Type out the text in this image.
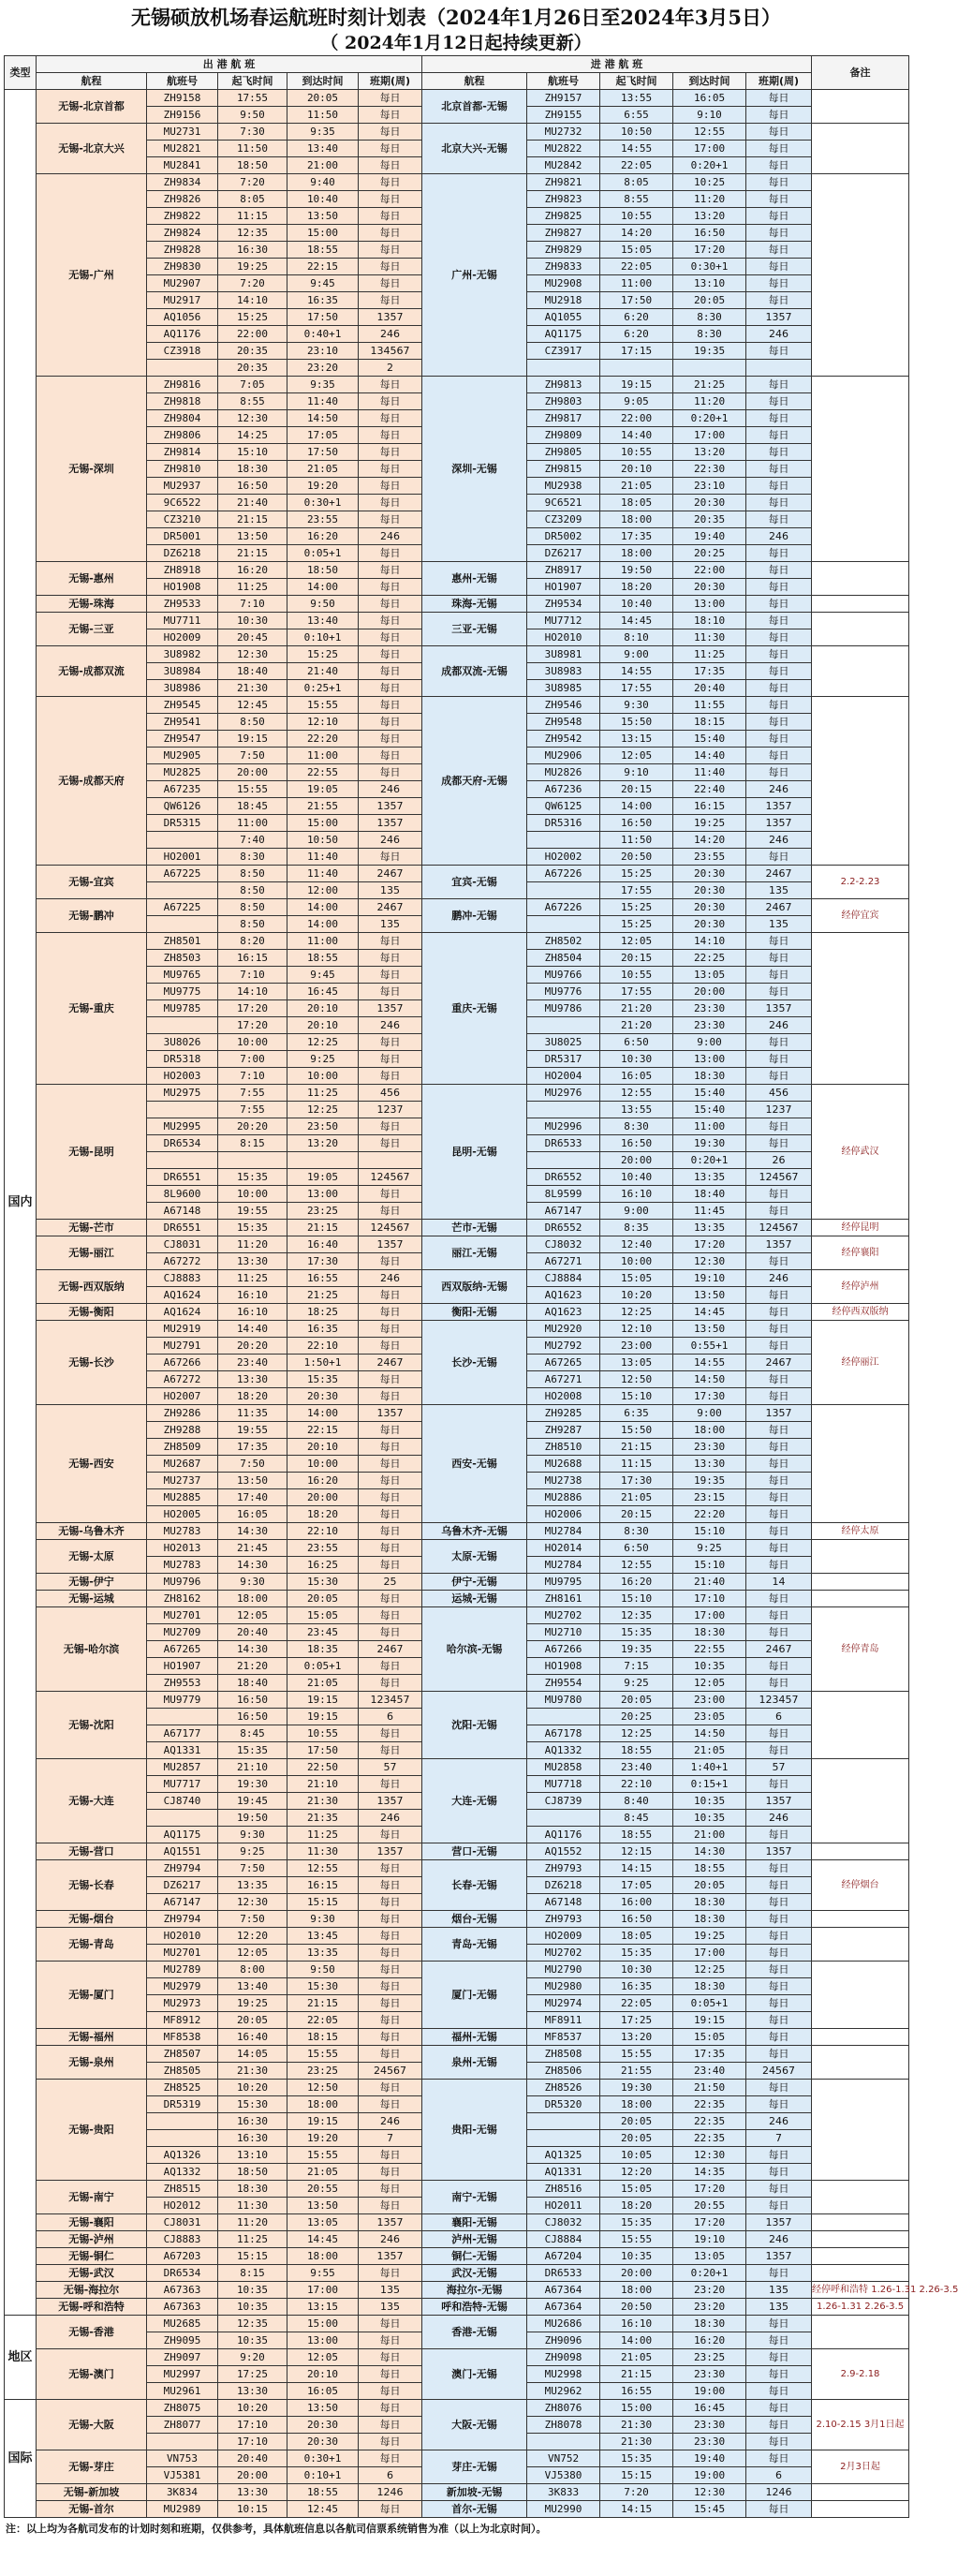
无锡硕放机场春运航班时刻计划表（2024年1月26日至2024年3月5日）
（ 2024年1月12日起持续更新）
类型	出 港 航 班					进 港 航 班					备注
	航程	航班号	起飞时间	到达时间	班期(周)	航程	航班号	起飞时间	到达时间	班期(周)	
国内	无锡-北京首都	ZH9158	17:55	20:05	每日	北京首都-无锡	ZH9157	13:55	16:05	每日	
		ZH9156	9:50	11:50	每日		ZH9155	6:55	9:10	每日	
	无锡-北京大兴	MU2731	7:30	9:35	每日	北京大兴-无锡	MU2732	10:50	12:55	每日	
		MU2821	11:50	13:40	每日		MU2822	14:55	17:00	每日	
		MU2841	18:50	21:00	每日		MU2842	22:05	0:20+1	每日	
	无锡-广州	ZH9834	7:20	9:40	每日	广州-无锡	ZH9821	8:05	10:25	每日	
		ZH9826	8:05	10:40	每日		ZH9823	8:55	11:20	每日	
		ZH9822	11:15	13:50	每日		ZH9825	10:55	13:20	每日	
		ZH9824	12:35	15:00	每日		ZH9827	14:20	16:50	每日	
		ZH9828	16:30	18:55	每日		ZH9829	15:05	17:20	每日	
		ZH9830	19:25	22:15	每日		ZH9833	22:05	0:30+1	每日	
		MU2907	7:20	9:45	每日		MU2908	11:00	13:10	每日	
		MU2917	14:10	16:35	每日		MU2918	17:50	20:05	每日	
		AQ1056	15:25	17:50	1357		AQ1055	6:20	8:30	1357	
		AQ1176	22:00	0:40+1	246		AQ1175	6:20	8:30	246	
		CZ3918	20:35	23:10	134567		CZ3917	17:15	19:35	每日	
			20:35	23:20	2						
	无锡-深圳	ZH9816	7:05	9:35	每日	深圳-无锡	ZH9813	19:15	21:25	每日	
		ZH9818	8:55	11:40	每日		ZH9803	9:05	11:20	每日	
		ZH9804	12:30	14:50	每日		ZH9817	22:00	0:20+1	每日	
		ZH9806	14:25	17:05	每日		ZH9809	14:40	17:00	每日	
		ZH9814	15:10	17:50	每日		ZH9805	10:55	13:20	每日	
		ZH9810	18:30	21:05	每日		ZH9815	20:10	22:30	每日	
		MU2937	16:50	19:20	每日		MU2938	21:05	23:10	每日	
		9C6522	21:40	0:30+1	每日		9C6521	18:05	20:30	每日	
		CZ3210	21:15	23:55	每日		CZ3209	18:00	20:35	每日	
		DR5001	13:50	16:20	246		DR5002	17:35	19:40	246	
		DZ6218	21:15	0:05+1	每日		DZ6217	18:00	20:25	每日	
	无锡-惠州	ZH8918	16:20	18:50	每日	惠州-无锡	ZH8917	19:50	22:00	每日	
		HO1908	11:25	14:00	每日		HO1907	18:20	20:30	每日	
	无锡-珠海	ZH9533	7:10	9:50	每日	珠海-无锡	ZH9534	10:40	13:00	每日	
	无锡-三亚	MU7711	10:30	13:40	每日	三亚-无锡	MU7712	14:45	18:10	每日	
		HO2009	20:45	0:10+1	每日		HO2010	8:10	11:30	每日	
	无锡-成都双流	3U8982	12:30	15:25	每日	成都双流-无锡	3U8981	9:00	11:25	每日	
		3U8984	18:40	21:40	每日		3U8983	14:55	17:35	每日	
		3U8986	21:30	0:25+1	每日		3U8985	17:55	20:40	每日	
	无锡-成都天府	ZH9545	12:45	15:55	每日	成都天府-无锡	ZH9546	9:30	11:55	每日	
		ZH9541	8:50	12:10	每日		ZH9548	15:50	18:15	每日	
		ZH9547	19:15	22:20	每日		ZH9542	13:15	15:40	每日	
		MU2905	7:50	11:00	每日		MU2906	12:05	14:40	每日	
		MU2825	20:00	22:55	每日		MU2826	9:10	11:40	每日	
		A67235	15:55	19:05	246		A67236	20:15	22:40	246	
		QW6126	18:45	21:55	1357		QW6125	14:00	16:15	1357	
		DR5315	11:00	15:00	1357		DR5316	16:50	19:25	1357	
			7:40	10:50	246			11:50	14:20	246	
		HO2001	8:30	11:40	每日		HO2002	20:50	23:55	每日	
	无锡-宜宾	A67225	8:50	11:40	2467	宜宾-无锡	A67226	15:25	20:30	2467	2.2-2.23
			8:50	12:00	135			17:55	20:30	135	
	无锡-鹏冲	A67225	8:50	14:00	2467	鹏冲-无锡	A67226	15:25	20:30	2467	经停宜宾
			8:50	14:00	135			15:25	20:30	135	
	无锡-重庆	ZH8501	8:20	11:00	每日	重庆-无锡	ZH8502	12:05	14:10	每日	
		ZH8503	16:15	18:55	每日		ZH8504	20:15	22:25	每日	
		MU9765	7:10	9:45	每日		MU9766	10:55	13:05	每日	
		MU9775	14:10	16:45	每日		MU9776	17:55	20:00	每日	
		MU9785	17:20	20:10	1357		MU9786	21:20	23:30	1357	
			17:20	20:10	246			21:20	23:30	246	
		3U8026	10:00	12:25	每日		3U8025	6:50	9:00	每日	
		DR5318	7:00	9:25	每日		DR5317	10:30	13:00	每日	
		HO2003	7:10	10:00	每日		HO2004	16:05	18:30	每日	
	无锡-昆明	MU2975	7:55	11:25	456	昆明-无锡	MU2976	12:55	15:40	456	经停武汉
			7:55	12:25	1237			13:55	15:40	1237	
		MU2995	20:20	23:50	每日		MU2996	8:30	11:00	每日	
		DR6534	8:15	13:20	每日		DR6533	16:50	19:30	每日	
								20:00	0:20+1	26	
		DR6551	15:35	19:05	124567		DR6552	10:40	13:35	124567	
		8L9600	10:00	13:00	每日		8L9599	16:10	18:40	每日	
		A67148	19:55	23:25	每日		A67147	9:00	11:45	每日	
	无锡-芒市	DR6551	15:35	21:15	124567	芒市-无锡	DR6552	8:35	13:35	124567	经停昆明
	无锡-丽江	CJ8031	11:20	16:40	1357	丽江-无锡	CJ8032	12:40	17:20	1357	经停襄阳
		A67272	13:30	17:30	每日		A67271	10:00	12:30	每日	
	无锡-西双版纳	CJ8883	11:25	16:55	246	西双版纳-无锡	CJ8884	15:05	19:10	246	经停泸州
		AQ1624	16:10	21:25	每日		AQ1623	10:20	13:50	每日	
	无锡-衡阳	AQ1624	16:10	18:25	每日	衡阳-无锡	AQ1623	12:25	14:45	每日	经停西双版纳
	无锡-长沙	MU2919	14:40	16:35	每日	长沙-无锡	MU2920	12:10	13:50	每日	经停丽江
		MU2791	20:20	22:10	每日		MU2792	23:00	0:55+1	每日	
		A67266	23:40	1:50+1	2467		A67265	13:05	14:55	2467	
		A67272	13:30	15:35	每日		A67271	12:50	14:50	每日	
		HO2007	18:20	20:30	每日		HO2008	15:10	17:30	每日	
	无锡-西安	ZH9286	11:35	14:00	1357	西安-无锡	ZH9285	6:35	9:00	1357	
		ZH9288	19:55	22:15	每日		ZH9287	15:50	18:00	每日	
		ZH8509	17:35	20:10	每日		ZH8510	21:15	23:30	每日	
		MU2687	7:50	10:00	每日		MU2688	11:15	13:30	每日	
		MU2737	13:50	16:20	每日		MU2738	17:30	19:35	每日	
		MU2885	17:40	20:00	每日		MU2886	21:05	23:15	每日	
		HO2005	16:05	18:20	每日		HO2006	20:15	22:20	每日	
	无锡-乌鲁木齐	MU2783	14:30	22:10	每日	乌鲁木齐-无锡	MU2784	8:30	15:10	每日	经停太原
	无锡-太原	HO2013	21:45	23:55	每日	太原-无锡	HO2014	6:50	9:25	每日	
		MU2783	14:30	16:25	每日		MU2784	12:55	15:10	每日	
	无锡-伊宁	MU9796	9:30	15:30	25	伊宁-无锡	MU9795	16:20	21:40	14	
	无锡-运城	ZH8162	18:00	20:05	每日	运城-无锡	ZH8161	15:10	17:10	每日	
	无锡-哈尔滨	MU2701	12:05	15:05	每日	哈尔滨-无锡	MU2702	12:35	17:00	每日	经停青岛
		MU2709	20:40	23:45	每日		MU2710	15:35	18:30	每日	
		A67265	14:30	18:35	2467		A67266	19:35	22:55	2467	
		HO1907	21:20	0:05+1	每日		HO1908	7:15	10:35	每日	
		ZH9553	18:40	21:05	每日		ZH9554	9:25	12:05	每日	
	无锡-沈阳	MU9779	16:50	19:15	123457	沈阳-无锡	MU9780	20:05	23:00	123457	
			16:50	19:15	6			20:25	23:05	6	
		A67177	8:45	10:55	每日		A67178	12:25	14:50	每日	
		AQ1331	15:35	17:50	每日		AQ1332	18:55	21:05	每日	
	无锡-大连	MU2857	21:10	22:50	57	大连-无锡	MU2858	23:40	1:40+1	57	
		MU7717	19:30	21:10	每日		MU7718	22:10	0:15+1	每日	
		CJ8740	19:45	21:30	1357		CJ8739	8:40	10:35	1357	
			19:50	21:35	246			8:45	10:35	246	
		AQ1175	9:30	11:25	每日		AQ1176	18:55	21:00	每日	
	无锡-营口	AQ1551	9:25	11:30	1357	营口-无锡	AQ1552	12:15	14:30	1357	
	无锡-长春	ZH9794	7:50	12:55	每日	长春-无锡	ZH9793	14:15	18:55	每日	经停烟台
		DZ6217	13:35	16:15	每日		DZ6218	17:05	20:05	每日	
		A67147	12:30	15:15	每日		A67148	16:00	18:30	每日	
	无锡-烟台	ZH9794	7:50	9:30	每日	烟台-无锡	ZH9793	16:50	18:30	每日	
	无锡-青岛	HO2010	12:20	13:45	每日	青岛-无锡	HO2009	18:05	19:25	每日	
		MU2701	12:05	13:35	每日		MU2702	15:35	17:00	每日	
	无锡-厦门	MU2789	8:00	9:50	每日	厦门-无锡	MU2790	10:30	12:25	每日	
		MU2979	13:40	15:30	每日		MU2980	16:35	18:30	每日	
		MU2973	19:25	21:15	每日		MU2974	22:05	0:05+1	每日	
		MF8912	20:05	22:05	每日		MF8911	17:25	19:15	每日	
	无锡-福州	MF8538	16:40	18:15	每日	福州-无锡	MF8537	13:20	15:05	每日	
	无锡-泉州	ZH8507	14:05	15:55	每日	泉州-无锡	ZH8508	15:55	17:35	每日	
		ZH8505	21:30	23:25	24567		ZH8506	21:55	23:40	24567	
	无锡-贵阳	ZH8525	10:20	12:50	每日	贵阳-无锡	ZH8526	19:30	21:50	每日	
		DR5319	15:30	18:00	每日		DR5320	18:00	22:35	每日	
			16:30	19:15	246			20:05	22:35	246	
			16:30	19:20	7			20:05	22:35	7	
		AQ1326	13:10	15:55	每日		AQ1325	10:05	12:30	每日	
		AQ1332	18:50	21:05	每日		AQ1331	12:20	14:35	每日	
	无锡-南宁	ZH8515	18:30	20:55	每日	南宁-无锡	ZH8516	15:05	17:20	每日	
		HO2012	11:30	13:50	每日		HO2011	18:20	20:55	每日	
	无锡-襄阳	CJ8031	11:20	13:05	1357	襄阳-无锡	CJ8032	15:35	17:20	1357	
	无锡-泸州	CJ8883	11:25	14:45	246	泸州-无锡	CJ8884	15:55	19:10	246	
	无锡-铜仁	A67203	15:15	18:00	1357	铜仁-无锡	A67204	10:35	13:05	1357	
	无锡-武汉	DR6534	8:15	9:55	每日	武汉-无锡	DR6533	20:00	0:20+1	每日	
	无锡-海拉尔	A67363	10:35	17:00	135	海拉尔-无锡	A67364	18:00	23:20	135	经停呼和浩特 1.26-1.31 2.26-3.5
	无锡-呼和浩特	A67363	10:35	13:15	135	呼和浩特-无锡	A67364	20:50	23:20	135	1.26-1.31 2.26-3.5
地区	无锡-香港	MU2685	12:35	15:00	每日	香港-无锡	MU2686	16:10	18:30	每日	
		ZH9095	10:35	13:00	每日		ZH9096	14:00	16:20	每日	
	无锡-澳门	ZH9097	9:20	12:05	每日	澳门-无锡	ZH9098	21:05	23:25	每日	2.9-2.18
		MU2997	17:25	20:10	每日		MU2998	21:15	23:30	每日	
		MU2961	13:30	16:05	每日		MU2962	16:55	19:00	每日	
国际	无锡-大阪	ZH8075	10:20	13:50	每日	大阪-无锡	ZH8076	15:00	16:45	每日	2.10-2.15 3月1日起
		ZH8077	17:10	20:30	每日		ZH8078	21:30	23:30	每日	
			17:10	20:30	每日			21:30	23:30	每日	
	无锡-芽庄	VN753	20:40	0:30+1	每日	芽庄-无锡	VN752	15:35	19:40	每日	2月3日起
		VJ5381	20:00	0:10+1	6		VJ5380	15:15	19:00	6	
	无锡-新加坡	3K834	13:30	18:55	1246	新加坡-无锡	3K833	7:20	12:30	1246	
	无锡-首尔	MU2989	10:15	12:45	每日	首尔-无锡	MU2990	14:15	15:45	每日	
注：以上均为各航司发布的计划时刻和班期，仅供参考，具体航班信息以各航司信票系统销售为准（以上为北京时间）。
